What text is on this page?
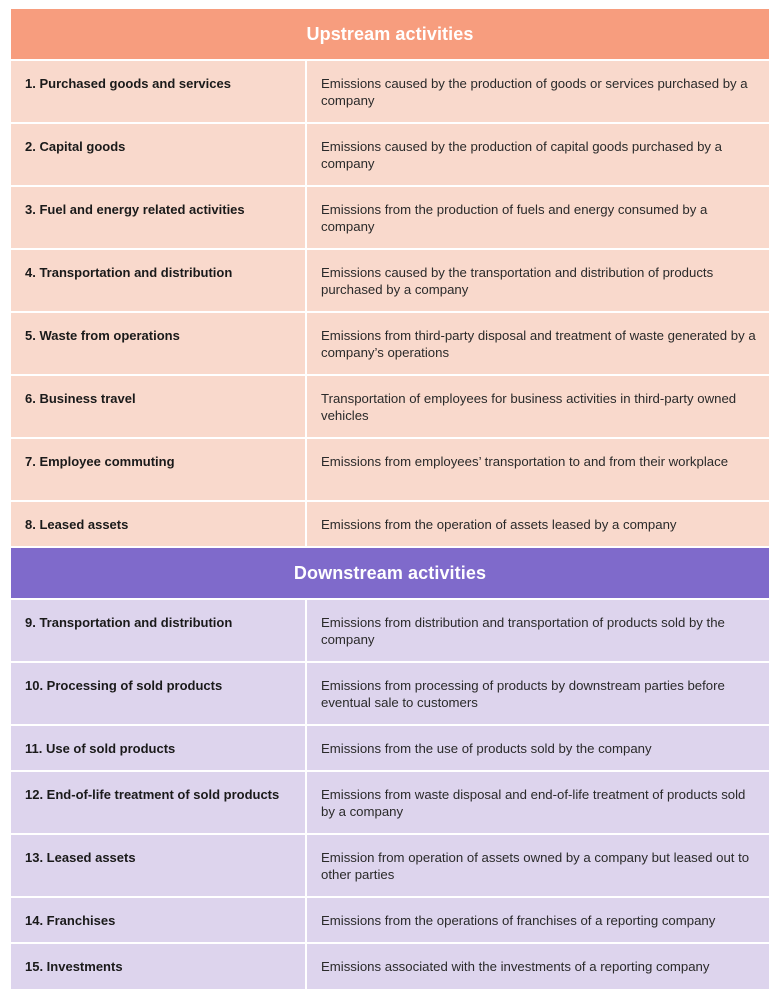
Upstream activities
1. Purchased goods and services	Emissions caused by the production of goods or services purchased by a company
2. Capital goods	Emissions caused by the production of capital goods purchased by a company
3. Fuel and energy related activities	Emissions from the production of fuels and energy consumed by a company
4. Transportation and distribution	Emissions caused by the transportation and distribution of products purchased by a company
5. Waste from operations	Emissions from third-party disposal and treatment of waste generated by a company’s operations
6. Business travel	Transportation of employees for business activities in third-party owned vehicles
7. Employee commuting	Emissions from employees’ transportation to and from their workplace
8. Leased assets	Emissions from the operation of assets leased by a company
Downstream activities
9. Transportation and distribution	Emissions from distribution and transportation of products sold by the company
10. Processing of sold products	Emissions from processing of products by downstream parties before eventual sale to customers
11. Use of sold products	Emissions from the use of products sold by the company
12. End-of-life treatment of sold products	Emissions from waste disposal and end-of-life treatment of products sold by a company
13. Leased assets	Emission from operation of assets owned by a company but leased out to other parties
14. Franchises	Emissions from the operations of franchises of a reporting company
15. Investments	Emissions associated with the investments of a reporting company
